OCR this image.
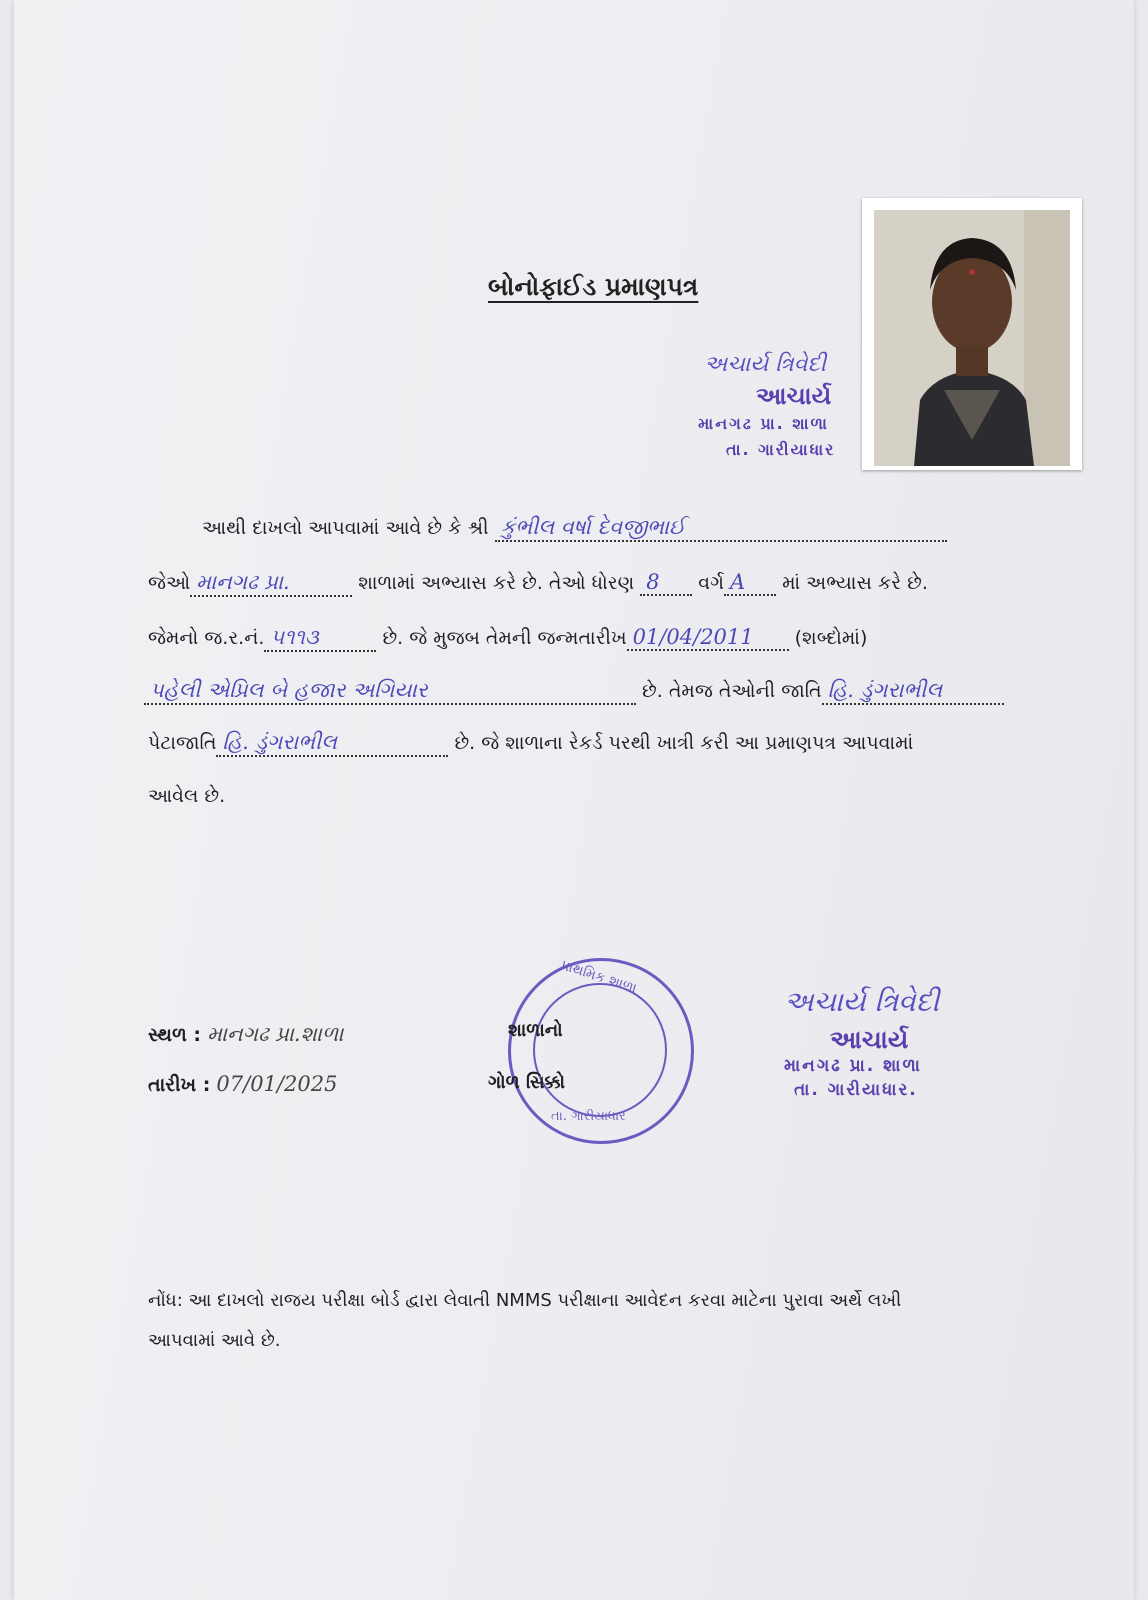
બોનોફાઈડ પ્રમાણપત્ર
અચાર્ય ત્રિવેદી
આચાર્ય
માનગઢ પ્રા. શાળા
તા. ગારીયાધાર
આથી દાખલો આપવામાં આવે છે કે શ્રી કુંભીલ વર્ષા દેવજીભાઈ
જેઓ માનગઢ પ્રા.	શાળામાં અભ્યાસ કરે છે. તેઓ ધોરણ 8 વર્ગ A માં અભ્યાસ કરે છે.
જેમનો જ.ર.નં. ૫૧૧૩	છે. જે મુજબ તેમની જન્મતારીખ 01/04/2011 (શબ્દોમાં)
પહેલી એપ્રિલ બે હજાર અગિયાર	છે. તેમજ તેઓની જાતિ હિ. ડુંગરાભીલ
પેટાજાતિ હિ. ડુંગરાભીલ	છે. જે શાળાના રેકર્ડ પરથી ખાત્રી કરી આ પ્રમાણપત્ર આપવામાં
આવેલ છે.
સ્થળ : માનગઢ પ્રા.શાળા
તારીખ : 07/01/2025
પ્રાથમિક શાળા
તા. ગારીયાધાર
શાળાનો
ગોળ સિક્કો
અચાર્ય ત્રિવેદી
આચાર્ય
માનગઢ પ્રા. શાળા
તા. ગારીયાધાર.
નોંધ: આ દાખલો રાજય પરીક્ષા બોર્ડ દ્વારા લેવાતી NMMS પરીક્ષાના આવેદન કરવા માટેના પુરાવા અર્થે લખી
આપવામાં આવે છે.
